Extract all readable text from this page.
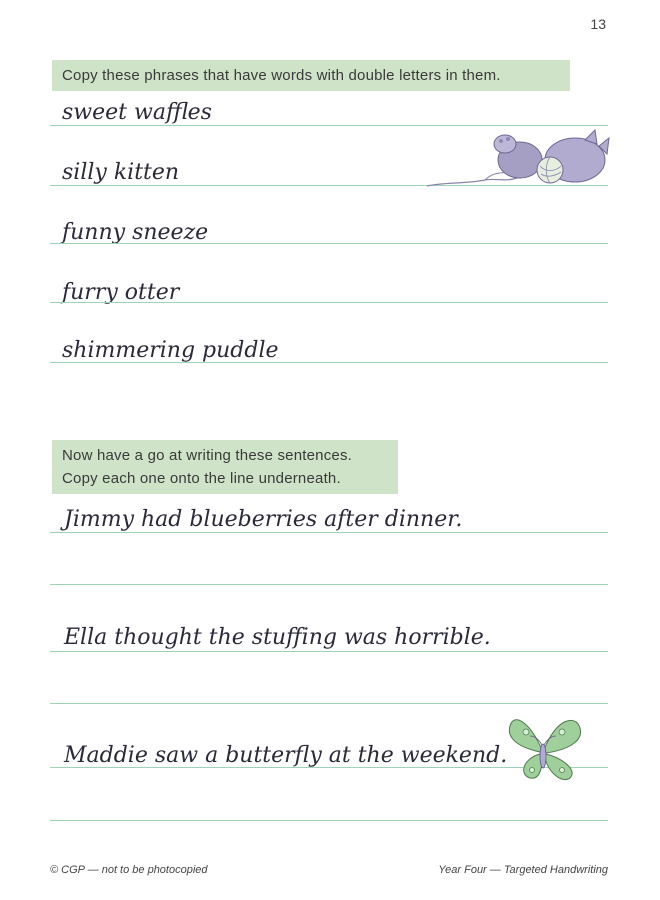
13
Copy these phrases that have words with double letters in them.
sweet waffles
silly kitten
funny sneeze
furry otter
shimmering puddle
Now have a go at writing these sentences.
Copy each one onto the line underneath.
Jimmy had blueberries after dinner.
Ella thought the stuffing was horrible.
Maddie saw a butterfly at the weekend.
© CGP — not to be photocopied	Year Four — Targeted Handwriting
